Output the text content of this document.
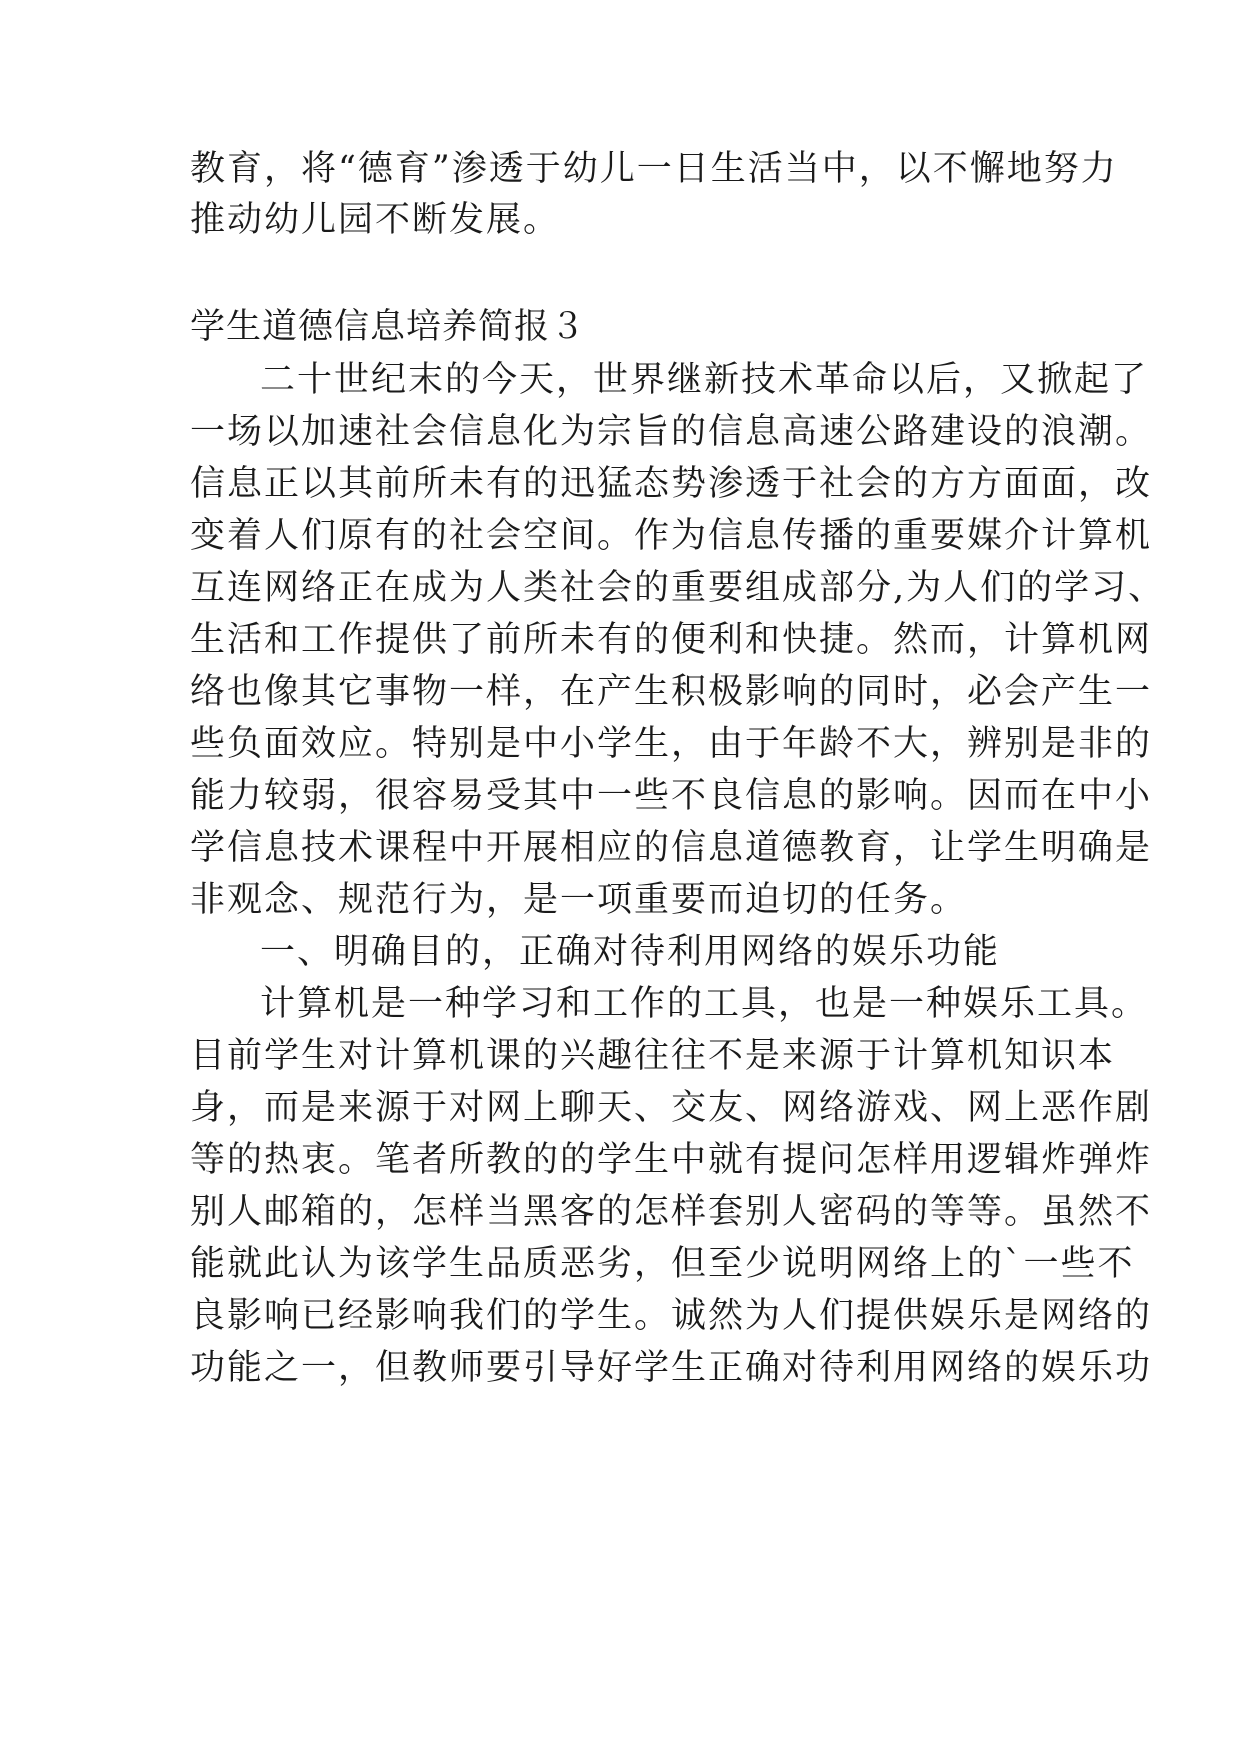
教育，将“德育”渗透于幼儿一日生活当中，以不懈地努力
推动幼儿园不断发展。
学生道德信息培养简报３
二十世纪末的今天，世界继新技术革命以后，又掀起了
一场以加速社会信息化为宗旨的信息高速公路建设的浪潮。
信息正以其前所未有的迅猛态势渗透于社会的方方面面，改
变着人们原有的社会空间。作为信息传播的重要媒介计算机
互连网络正在成为人类社会的重要组成部分,为人们的学习、
生活和工作提供了前所未有的便利和快捷。然而，计算机网
络也像其它事物一样，在产生积极影响的同时，必会产生一
些负面效应。特别是中小学生，由于年龄不大，辨别是非的
能力较弱，很容易受其中一些不良信息的影响。因而在中小
学信息技术课程中开展相应的信息道德教育，让学生明确是
非观念、规范行为，是一项重要而迫切的任务。
一、明确目的，正确对待利用网络的娱乐功能
计算机是一种学习和工作的工具，也是一种娱乐工具。
目前学生对计算机课的兴趣往往不是来源于计算机知识本
身，而是来源于对网上聊天、交友、网络游戏、网上恶作剧
等的热衷。笔者所教的的学生中就有提问怎样用逻辑炸弹炸
别人邮箱的，怎样当黑客的怎样套别人密码的等等。虽然不
能就此认为该学生品质恶劣，但至少说明网络上的`一些不
良影响已经影响我们的学生。诚然为人们提供娱乐是网络的
功能之一，但教师要引导好学生正确对待利用网络的娱乐功
